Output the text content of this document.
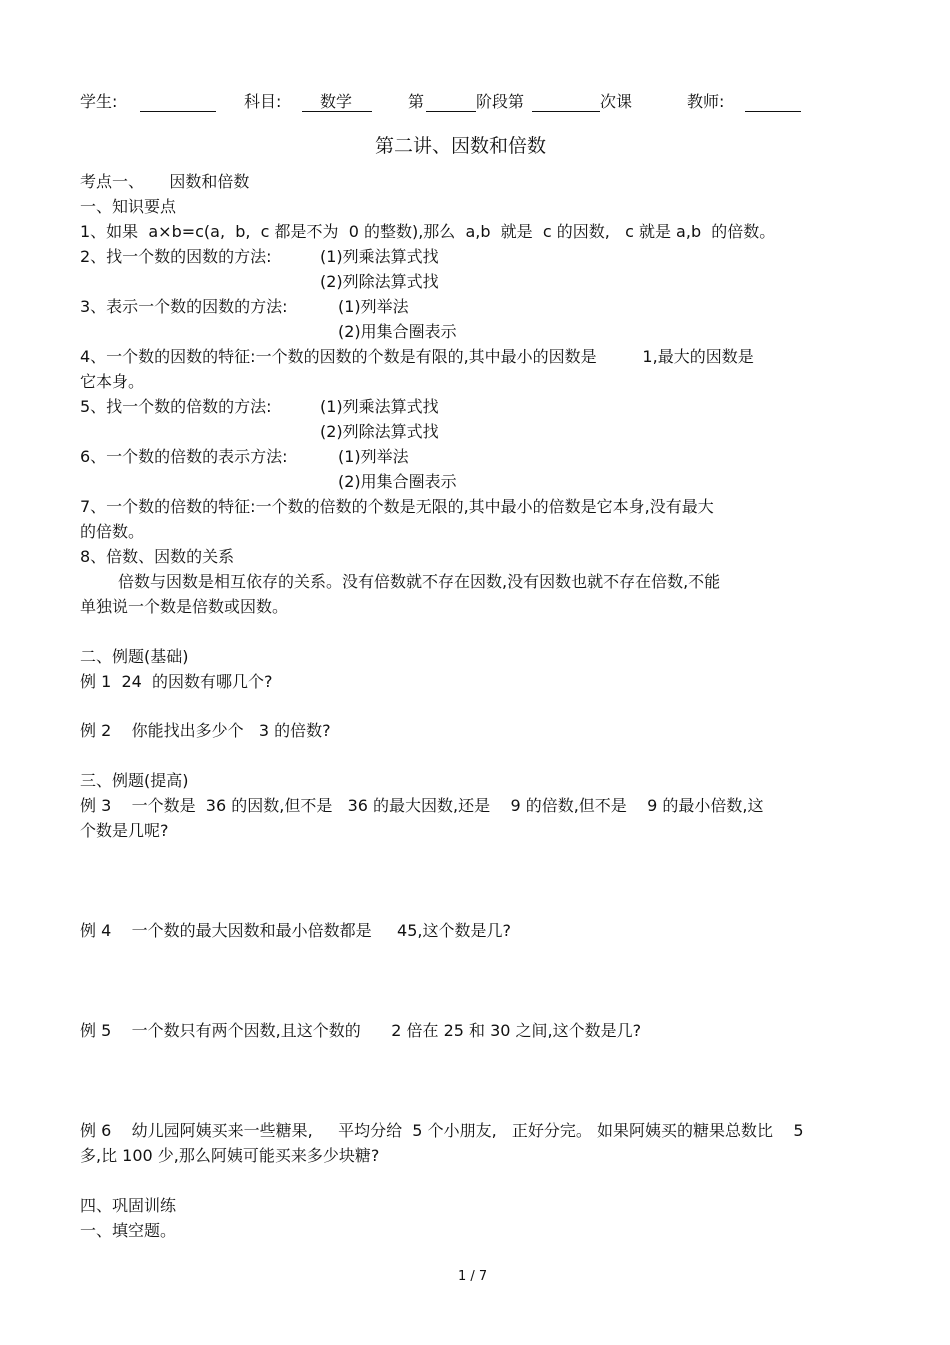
学生:	科目: 数学	第	阶段第	次课	教师:
第二讲、因数和倍数
考点一、     因数和倍数
一、知识要点
1、如果  a×b=c(a,  b,  c 都是不为  0 的整数),那么  a,b  就是  c 的因数,   c 就是 a,b  的倍数。
2、找一个数的因数的方法:	(1)列乘法算式找
(2)列除法算式找
3、表示一个数的因数的方法:	(1)列举法
(2)用集合圈表示
4、一个数的因数的特征:一个数的因数的个数是有限的,其中最小的因数是         1,最大的因数是
它本身。
5、找一个数的倍数的方法:	(1)列乘法算式找
(2)列除法算式找
6、一个数的倍数的表示方法:	(1)列举法
(2)用集合圈表示
7、一个数的倍数的特征:一个数的倍数的个数是无限的,其中最小的倍数是它本身,没有最大
的倍数。
8、倍数、因数的关系
倍数与因数是相互依存的关系。没有倍数就不存在因数,没有因数也就不存在倍数,不能
单独说一个数是倍数或因数。
二、例题(基础)
例 1  24  的因数有哪几个?
例 2    你能找出多少个   3 的倍数?
三、例题(提高)
例 3    一个数是  36 的因数,但不是   36 的最大因数,还是    9 的倍数,但不是    9 的最小倍数,这
个数是几呢?
例 4    一个数的最大因数和最小倍数都是     45,这个数是几?
例 5    一个数只有两个因数,且这个数的      2 倍在 25 和 30 之间,这个数是几?
例 6    幼儿园阿姨买来一些糖果,     平均分给  5 个小朋友,   正好分完。 如果阿姨买的糖果总数比    5
多,比 100 少,那么阿姨可能买来多少块糖?
四、巩固训练
一、填空题。
1 / 7
